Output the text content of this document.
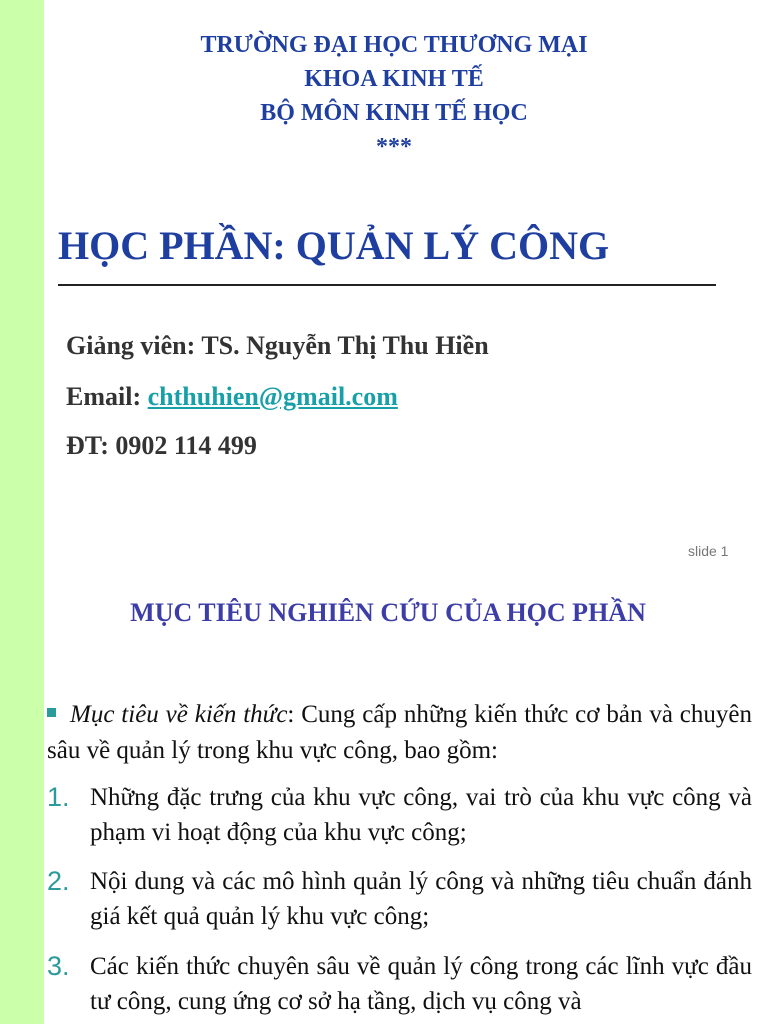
TRƯỜNG ĐẠI HỌC THƯƠNG MẠI
KHOA KINH TẾ
BỘ MÔN KINH TẾ HỌC
***
HỌC PHẦN: QUẢN LÝ CÔNG
Giảng viên: TS. Nguyễn Thị Thu Hiền
Email: chthuhien@gmail.com
ĐT: 0902 114 499
slide 1
MỤC TIÊU NGHIÊN CỨU CỦA HỌC PHẦN
Mục tiêu về kiến thức: Cung cấp những kiến thức cơ bản và chuyên sâu về quản lý trong khu vực công, bao gồm:
1. Những đặc trưng của khu vực công, vai trò của khu vực công và phạm vi hoạt động của khu vực công;
2. Nội dung và các mô hình quản lý công và những tiêu chuẩn đánh giá kết quả quản lý khu vực công;
3. Các kiến thức chuyên sâu về quản lý công trong các lĩnh vực đầu tư công, cung ứng cơ sở hạ tầng, dịch vụ công và
